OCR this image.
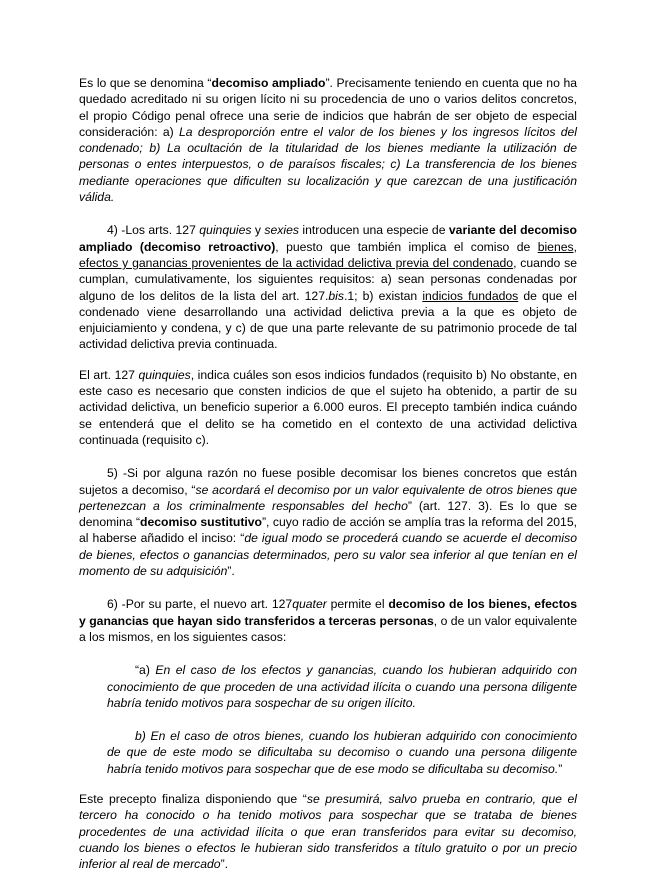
Es lo que se denomina “decomiso ampliado”. Precisamente teniendo en cuenta que no ha quedado acreditado ni su origen lícito ni su procedencia de uno o varios delitos concretos, el propio Código penal ofrece una serie de indicios que habrán de ser objeto de especial consideración: a) La desproporción entre el valor de los bienes y los ingresos lícitos del condenado; b) La ocultación de la titularidad de los bienes mediante la utilización de personas o entes interpuestos, o de paraísos fiscales; c) La transferencia de los bienes mediante operaciones que dificulten su localización y que carezcan de una justificación válida.

4) -Los arts. 127 quinquies y sexies introducen una especie de variante del decomiso ampliado (decomiso retroactivo), puesto que también implica el comiso de bienes, efectos y ganancias provenientes de la actividad delictiva previa del condenado, cuando se cumplan, cumulativamente, los siguientes requisitos: a) sean personas condenadas por alguno de los delitos de la lista del art. 127.bis.1; b) existan indicios fundados de que el condenado viene desarrollando una actividad delictiva previa a la que es objeto de enjuiciamiento y condena, y c) de que una parte relevante de su patrimonio procede de tal actividad delictiva previa continuada.

El art. 127 quinquies, indica cuáles son esos indicios fundados (requisito b) No obstante, en este caso es necesario que consten indicios de que el sujeto ha obtenido, a partir de su actividad delictiva, un beneficio superior a 6.000 euros. El precepto también indica cuándo se entenderá que el delito se ha cometido en el contexto de una actividad delictiva continuada (requisito c).

5) -Si por alguna razón no fuese posible decomisar los bienes concretos que están sujetos a decomiso, “se acordará el decomiso por un valor equivalente de otros bienes que pertenezcan a los criminalmente responsables del hecho” (art. 127. 3). Es lo que se denomina “decomiso sustitutivo”, cuyo radio de acción se amplía tras la reforma del 2015, al haberse añadido el inciso: “de igual modo se procederá cuando se acuerde el decomiso de bienes, efectos o ganancias determinados, pero su valor sea inferior al que tenían en el momento de su adquisición”.

6) -Por su parte, el nuevo art. 127quater permite el decomiso de los bienes, efectos y ganancias que hayan sido transferidos a terceras personas, o de un valor equivalente a los mismos, en los siguientes casos:

“a) En el caso de los efectos y ganancias, cuando los hubieran adquirido con conocimiento de que proceden de una actividad ilícita o cuando una persona diligente habría tenido motivos para sospechar de su origen ilícito.

b) En el caso de otros bienes, cuando los hubieran adquirido con conocimiento de que de este modo se dificultaba su decomiso o cuando una persona diligente habría tenido motivos para sospechar que de ese modo se dificultaba su decomiso.”

Este precepto finaliza disponiendo que “se presumirá, salvo prueba en contrario, que el tercero ha conocido o ha tenido motivos para sospechar que se trataba de bienes procedentes de una actividad ilícita o que eran transferidos para evitar su decomiso, cuando los bienes o efectos le hubieran sido transferidos a título gratuito o por un precio inferior al real de mercado”.
